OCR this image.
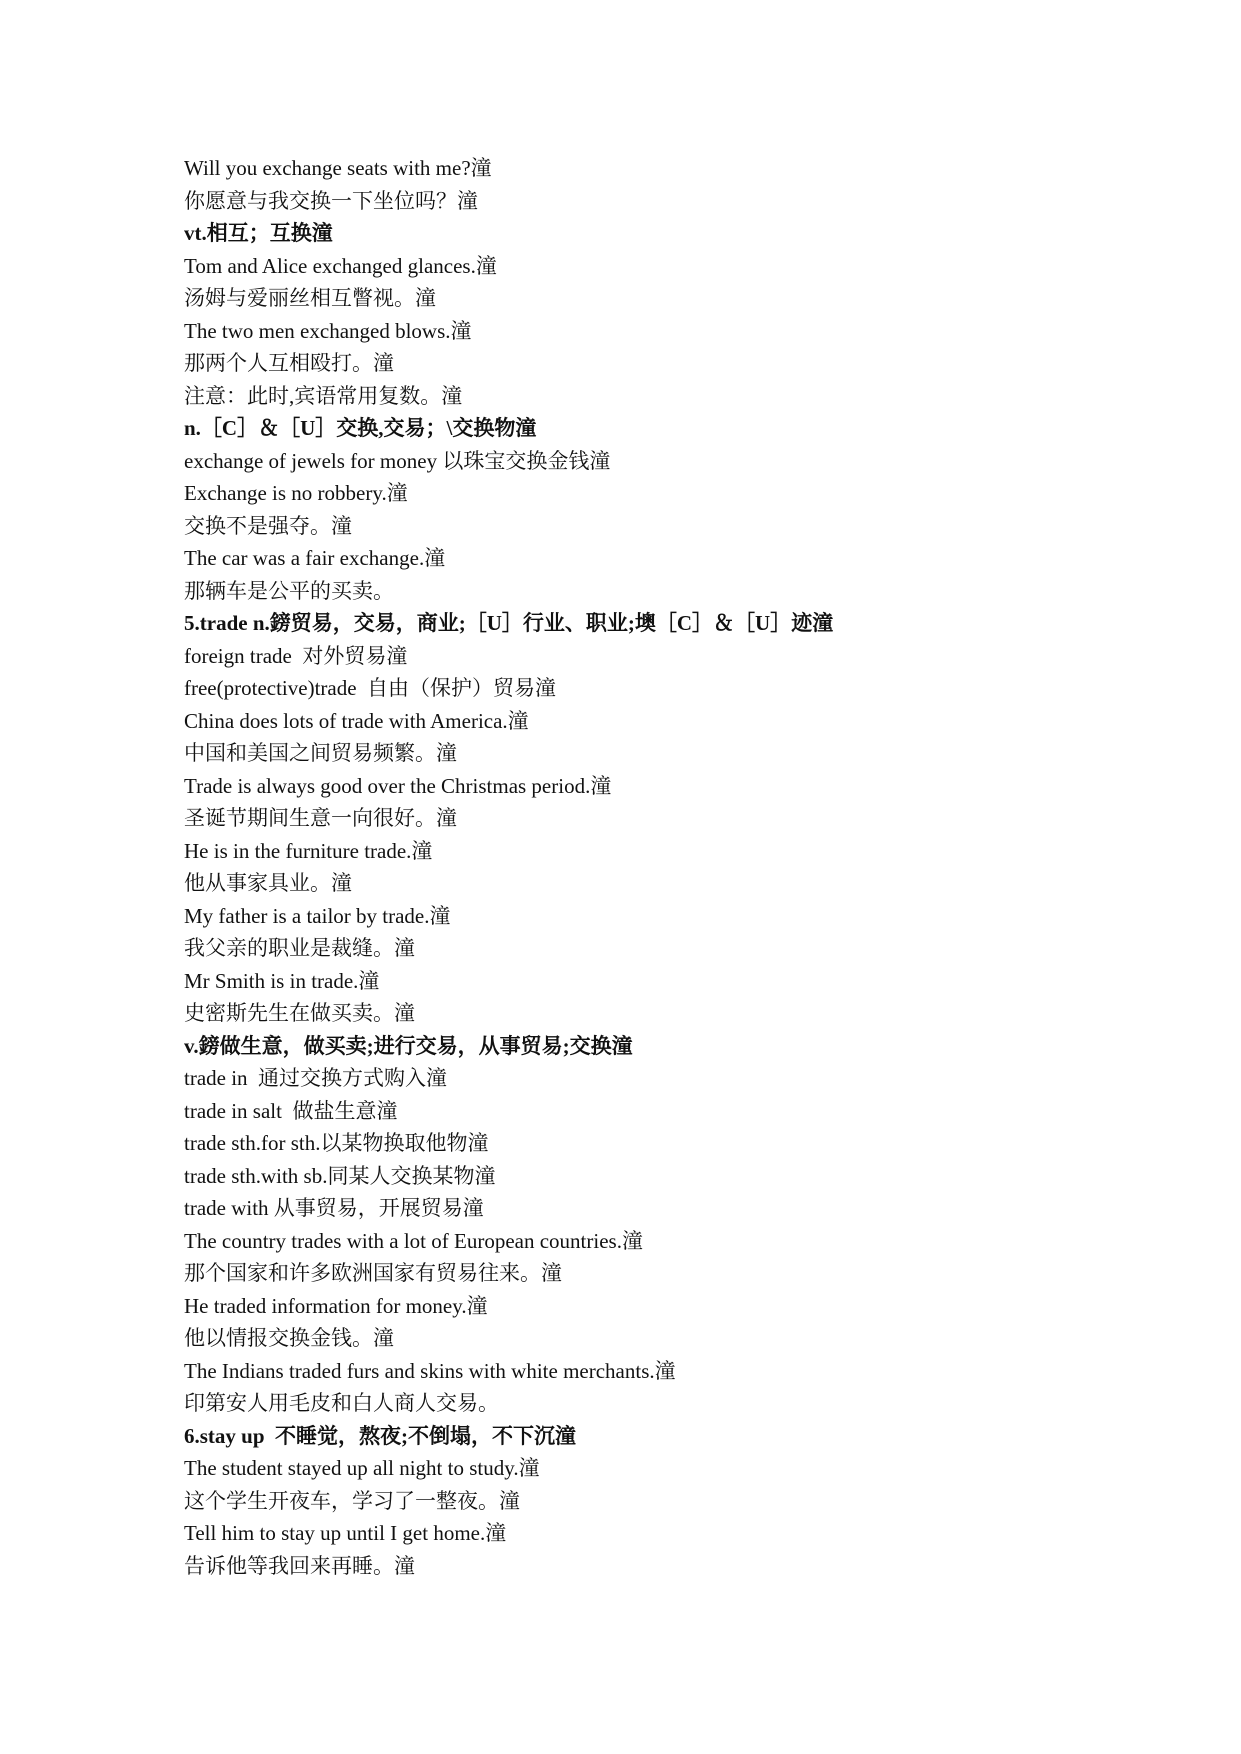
Will you exchange seats with me?潼
你愿意与我交换一下坐位吗？潼
vt.相互；互换潼
Tom and Alice exchanged glances.潼
汤姆与爱丽丝相互瞥视。潼
The two men exchanged blows.潼
那两个人互相殴打。潼
注意：此时,宾语常用复数。潼
n.［C］＆［U］交换,交易；\交换物潼
exchange of jewels for money 以珠宝交换金钱潼
Exchange is no robbery.潼
交换不是强夺。潼
The car was a fair exchange.潼
那辆车是公平的买卖。
5.trade n.鎊贸易，交易，商业;［U］行业、职业;墺［C］＆［U］迹潼
foreign trade  对外贸易潼
free(protective)trade  自由（保护）贸易潼
China does lots of trade with America.潼
中国和美国之间贸易频繁。潼
Trade is always good over the Christmas period.潼
圣诞节期间生意一向很好。潼
He is in the furniture trade.潼
他从事家具业。潼
My father is a tailor by trade.潼
我父亲的职业是裁缝。潼
Mr Smith is in trade.潼
史密斯先生在做买卖。潼
v.鎊做生意，做买卖;进行交易，从事贸易;交换潼
trade in  通过交换方式购入潼
trade in salt  做盐生意潼
trade sth.for sth.以某物换取他物潼
trade sth.with sb.同某人交换某物潼
trade with 从事贸易，开展贸易潼
The country trades with a lot of European countries.潼
那个国家和许多欧洲国家有贸易往来。潼
He traded information for money.潼
他以情报交换金钱。潼
The Indians traded furs and skins with white merchants.潼
印第安人用毛皮和白人商人交易。
6.stay up  不睡觉，熬夜;不倒塌，不下沉潼
The student stayed up all night to study.潼
这个学生开夜车，学习了一整夜。潼
Tell him to stay up until I get home.潼
告诉他等我回来再睡。潼
